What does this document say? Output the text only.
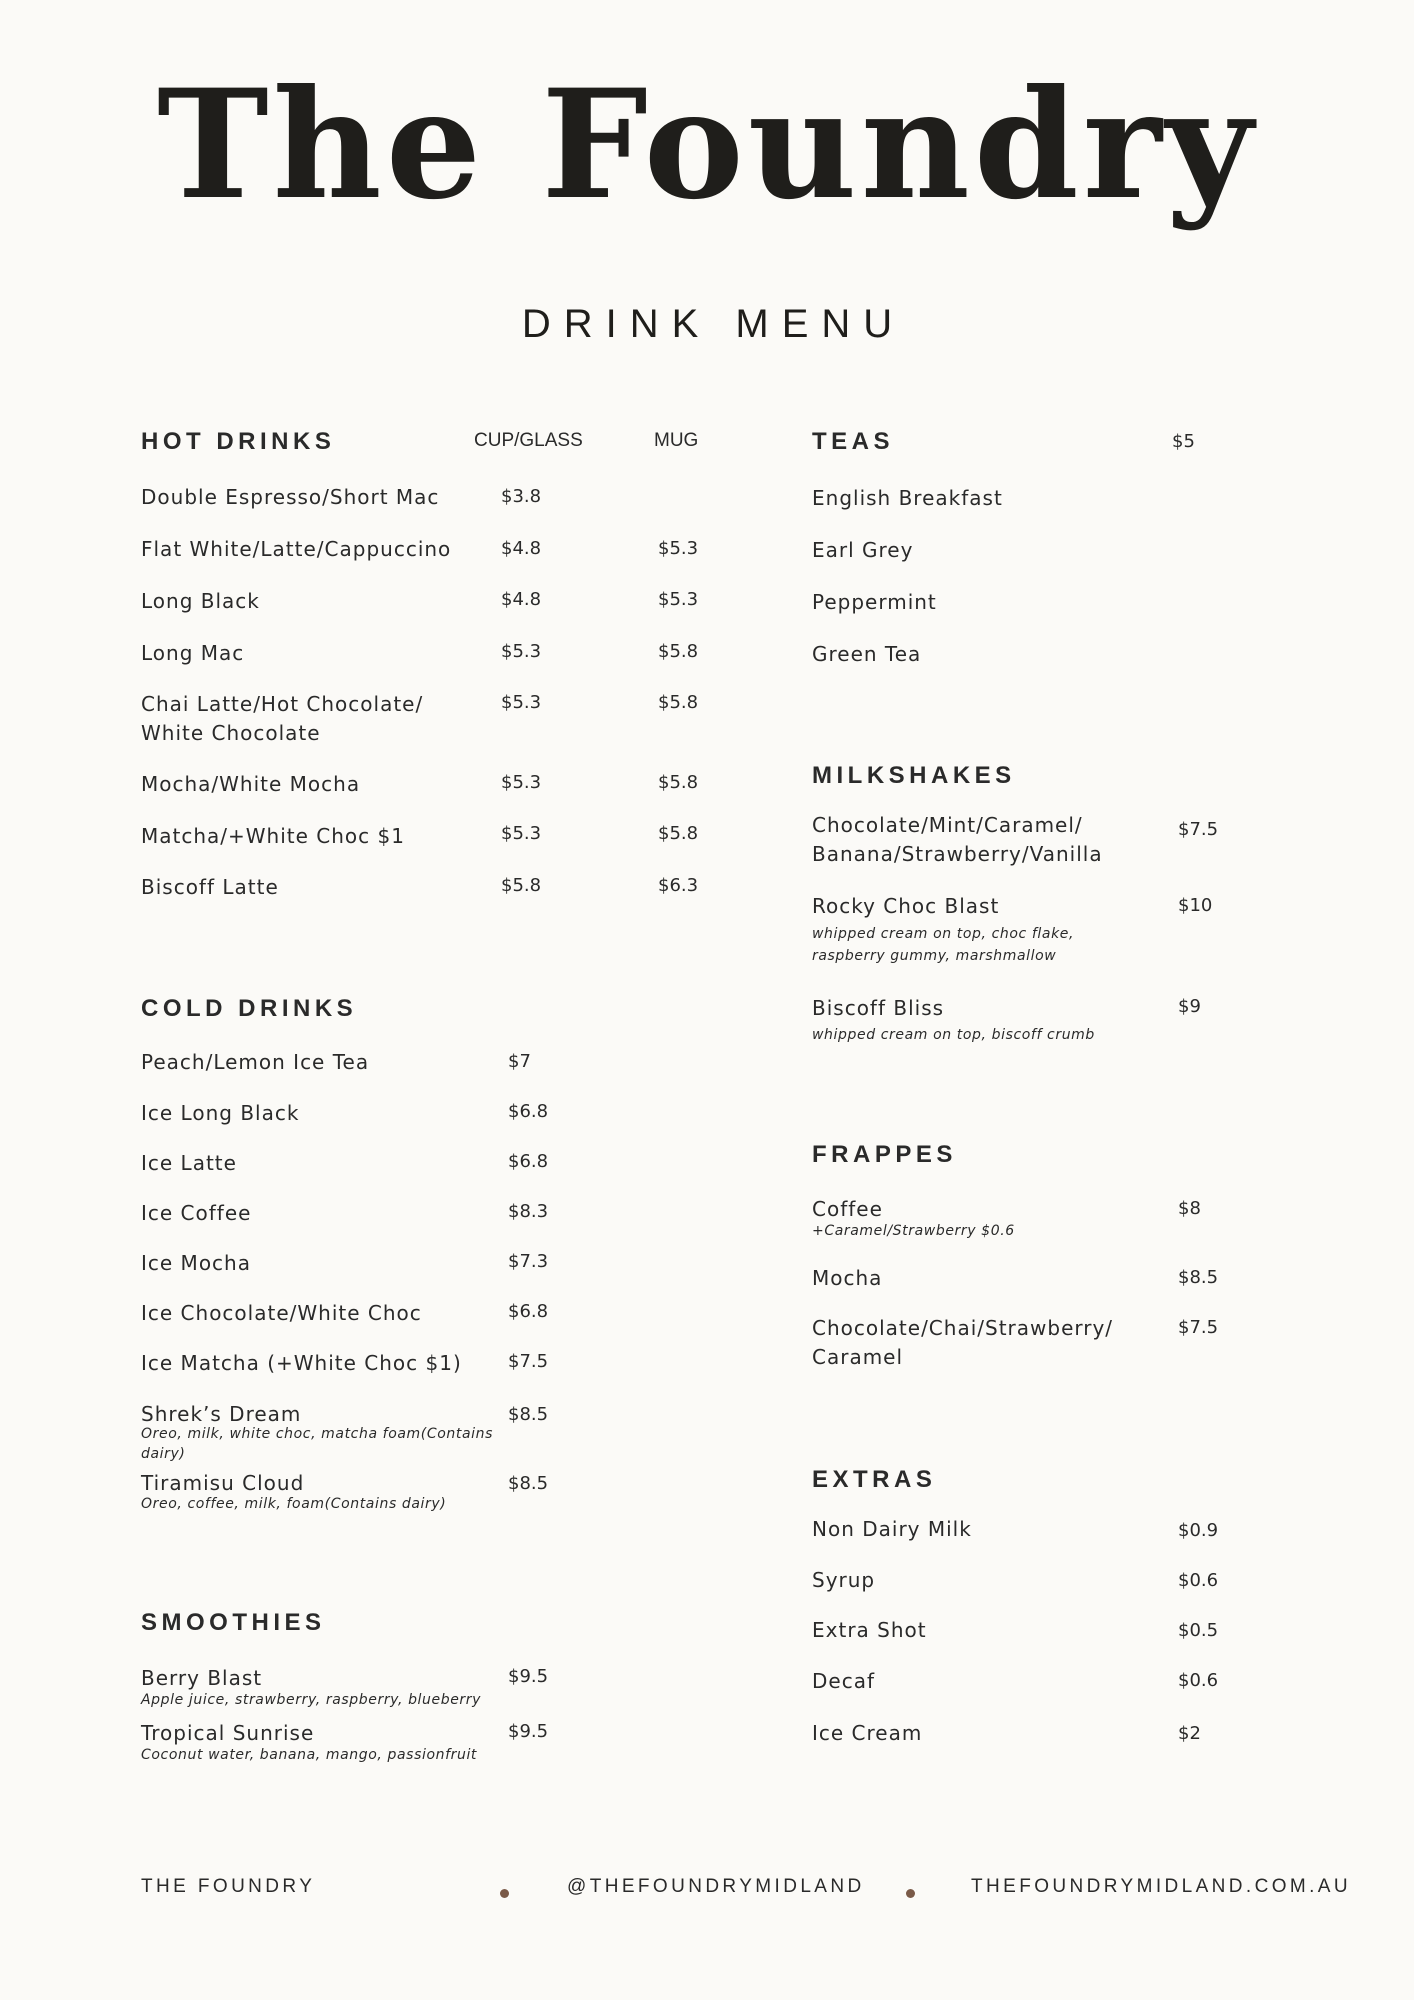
The Foundry
DRINK MENU
HOT DRINKS	CUP/GLASS	MUG
Double Espresso/Short Mac	$3.8
Flat White/Latte/Cappuccino	$4.8	$5.3
Long Black	$4.8	$5.3
Long Mac	$5.3	$5.8
Chai Latte/Hot Chocolate/
White Chocolate
$5.3	$5.8
Mocha/White Mocha	$5.3	$5.8
Matcha/+White Choc $1	$5.3	$5.8
Biscoff Latte	$5.8	$6.3
COLD DRINKS
Peach/Lemon Ice Tea	$7
Ice Long Black	$6.8
Ice Latte	$6.8
Ice Coffee	$8.3
Ice Mocha	$7.3
Ice Chocolate/White Choc	$6.8
Ice Matcha (+White Choc $1)	$7.5
Shrek’s Dream	$8.5
Oreo, milk, white choc, matcha foam(Contains
dairy)
Tiramisu Cloud	$8.5
Oreo, coffee, milk, foam(Contains dairy)
SMOOTHIES
Berry Blast	$9.5
Apple juice, strawberry, raspberry, blueberry
Tropical Sunrise	$9.5
Coconut water, banana, mango, passionfruit
TEAS	$5
English Breakfast
Earl Grey
Peppermint
Green Tea
MILKSHAKES
Chocolate/Mint/Caramel/
Banana/Strawberry/Vanilla
$7.5
Rocky Choc Blast	$10
whipped cream on top, choc flake,
raspberry gummy, marshmallow
Biscoff Bliss	$9
whipped cream on top, biscoff crumb
FRAPPES
Coffee	$8
+Caramel/Strawberry $0.6
Mocha	$8.5
Chocolate/Chai/Strawberry/
Caramel
$7.5
EXTRAS
Non Dairy Milk	$0.9
Syrup	$0.6
Extra Shot	$0.5
Decaf	$0.6
Ice Cream	$2
THE FOUNDRY	@THEFOUNDRYMIDLAND	THEFOUNDRYMIDLAND.COM.AU
